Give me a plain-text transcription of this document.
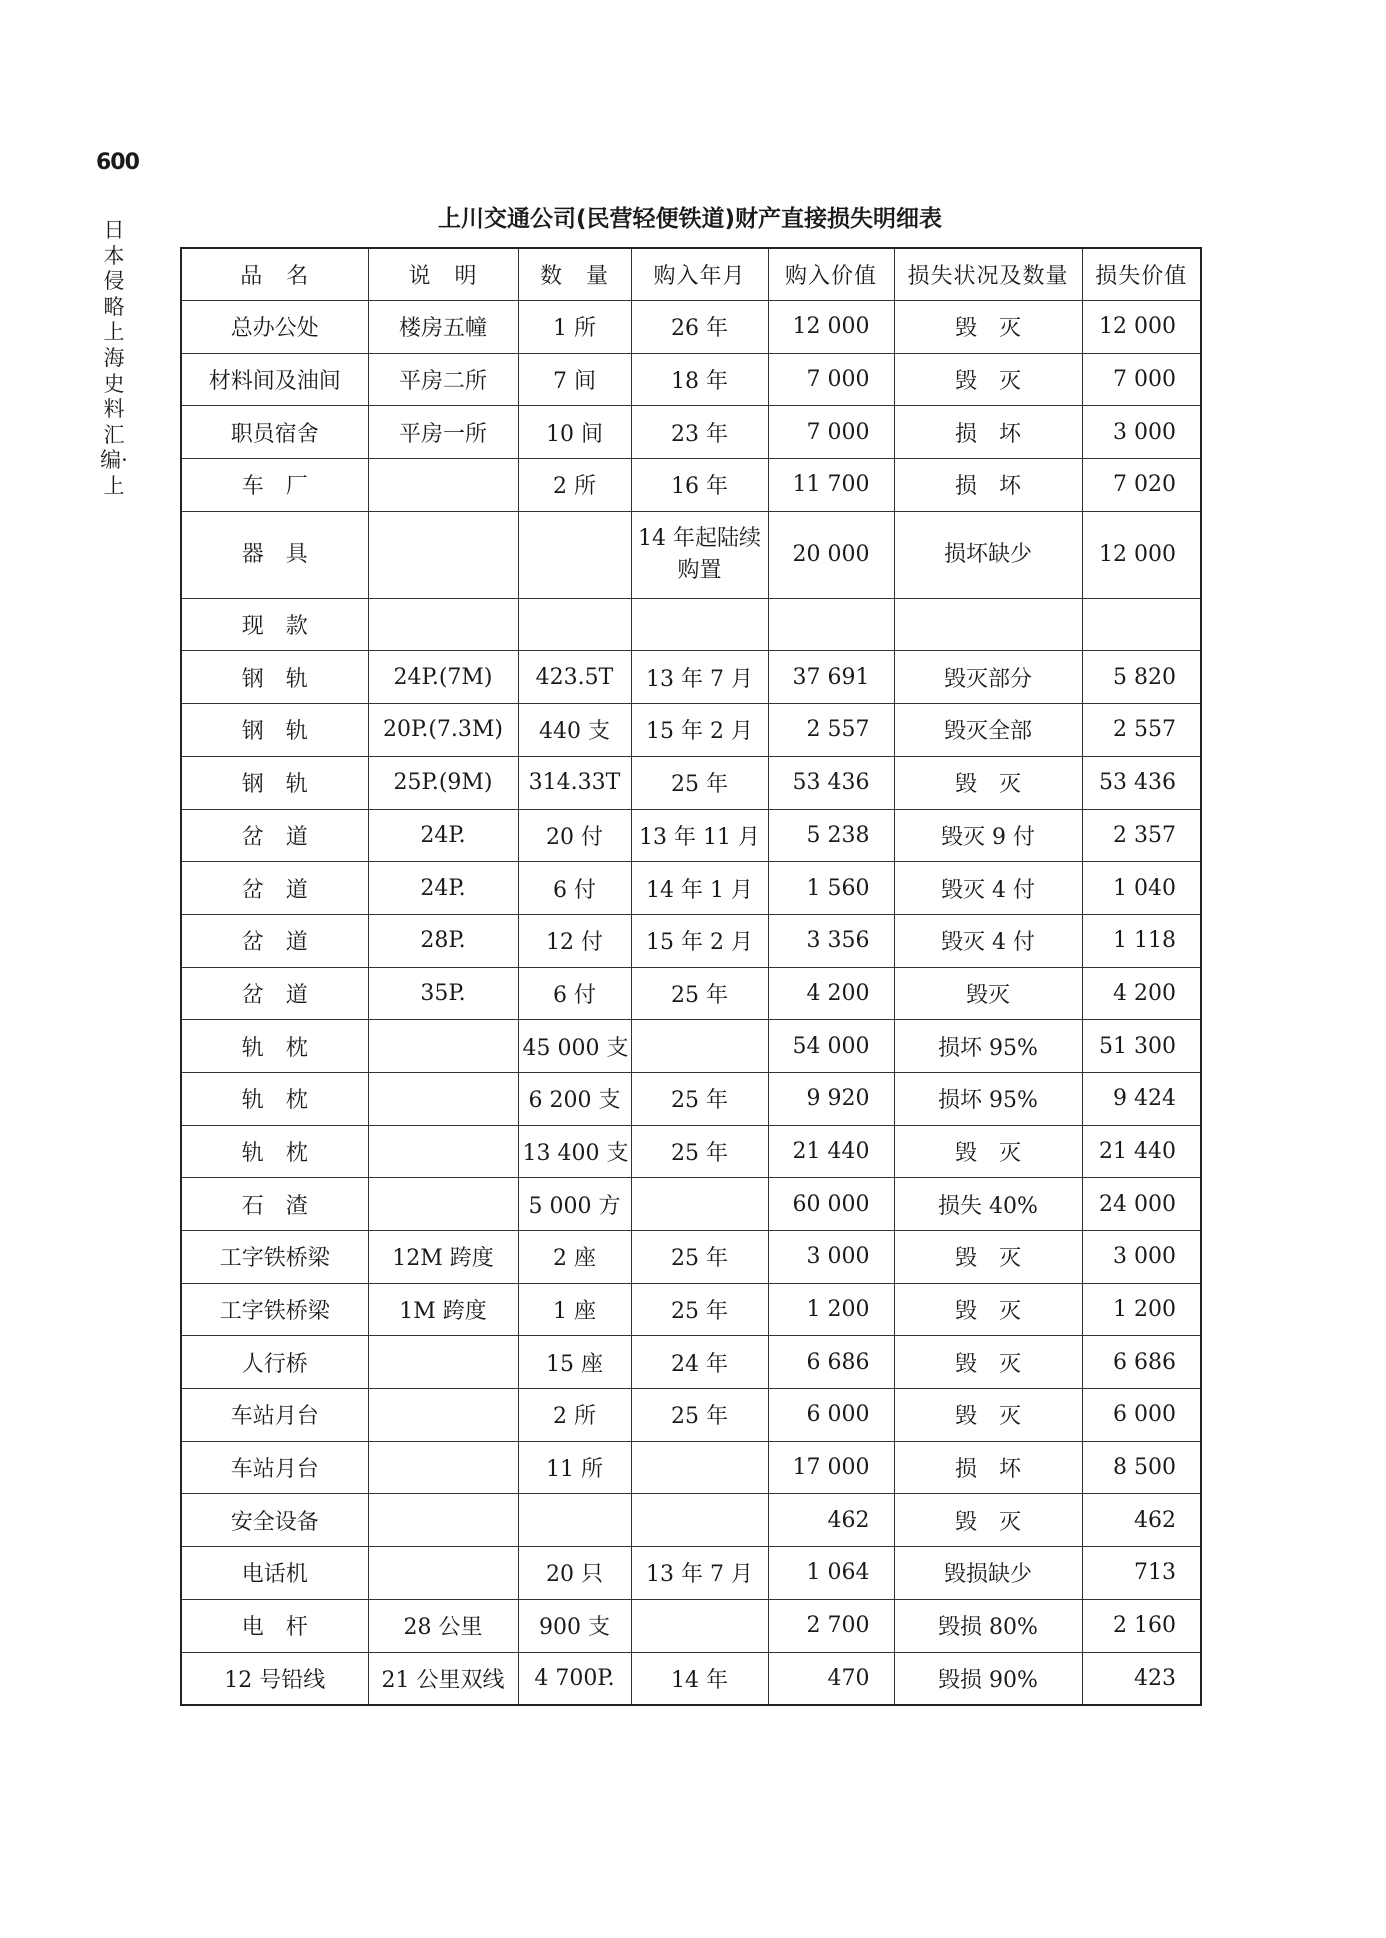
600
日本侵略上海史料汇编·上
上川交通公司(民营轻便铁道)财产直接损失明细表
品　名	说　明	数　量	购入年月	购入价值	损失状况及数量	损失价值
总办公处	楼房五幢	1 所	26 年	12 000	毁　灭	12 000
材料间及油间	平房二所	7 间	18 年	7 000	毁　灭	7 000
职员宿舍	平房一所	10 间	23 年	7 000	损　坏	3 000
车　厂		2 所	16 年	11 700	损　坏	7 020
器　具			14 年起陆续购置	20 000	损坏缺少	12 000
现　款						
钢　轨	24P.(7M)	423.5T	13 年 7 月	37 691	毁灭部分	5 820
钢　轨	20P.(7.3M)	440 支	15 年 2 月	2 557	毁灭全部	2 557
钢　轨	25P.(9M)	314.33T	25 年	53 436	毁　灭	53 436
岔　道	24P.	20 付	13 年 11 月	5 238	毁灭 9 付	2 357
岔　道	24P.	6 付	14 年 1 月	1 560	毁灭 4 付	1 040
岔　道	28P.	12 付	15 年 2 月	3 356	毁灭 4 付	1 118
岔　道	35P.	6 付	25 年	4 200	毁灭	4 200
轨　枕		45 000 支		54 000	损坏 95%	51 300
轨　枕		6 200 支	25 年	9 920	损坏 95%	9 424
轨　枕		13 400 支	25 年	21 440	毁　灭	21 440
石　渣		5 000 方		60 000	损失 40%	24 000
工字铁桥梁	12M 跨度	2 座	25 年	3 000	毁　灭	3 000
工字铁桥梁	1M 跨度	1 座	25 年	1 200	毁　灭	1 200
人行桥		15 座	24 年	6 686	毁　灭	6 686
车站月台		2 所	25 年	6 000	毁　灭	6 000
车站月台		11 所		17 000	损　坏	8 500
安全设备				462	毁　灭	462
电话机		20 只	13 年 7 月	1 064	毁损缺少	713
电　杆	28 公里	900 支		2 700	毁损 80%	2 160
12 号铅线	21 公里双线	4 700P.	14 年	470	毁损 90%	423
